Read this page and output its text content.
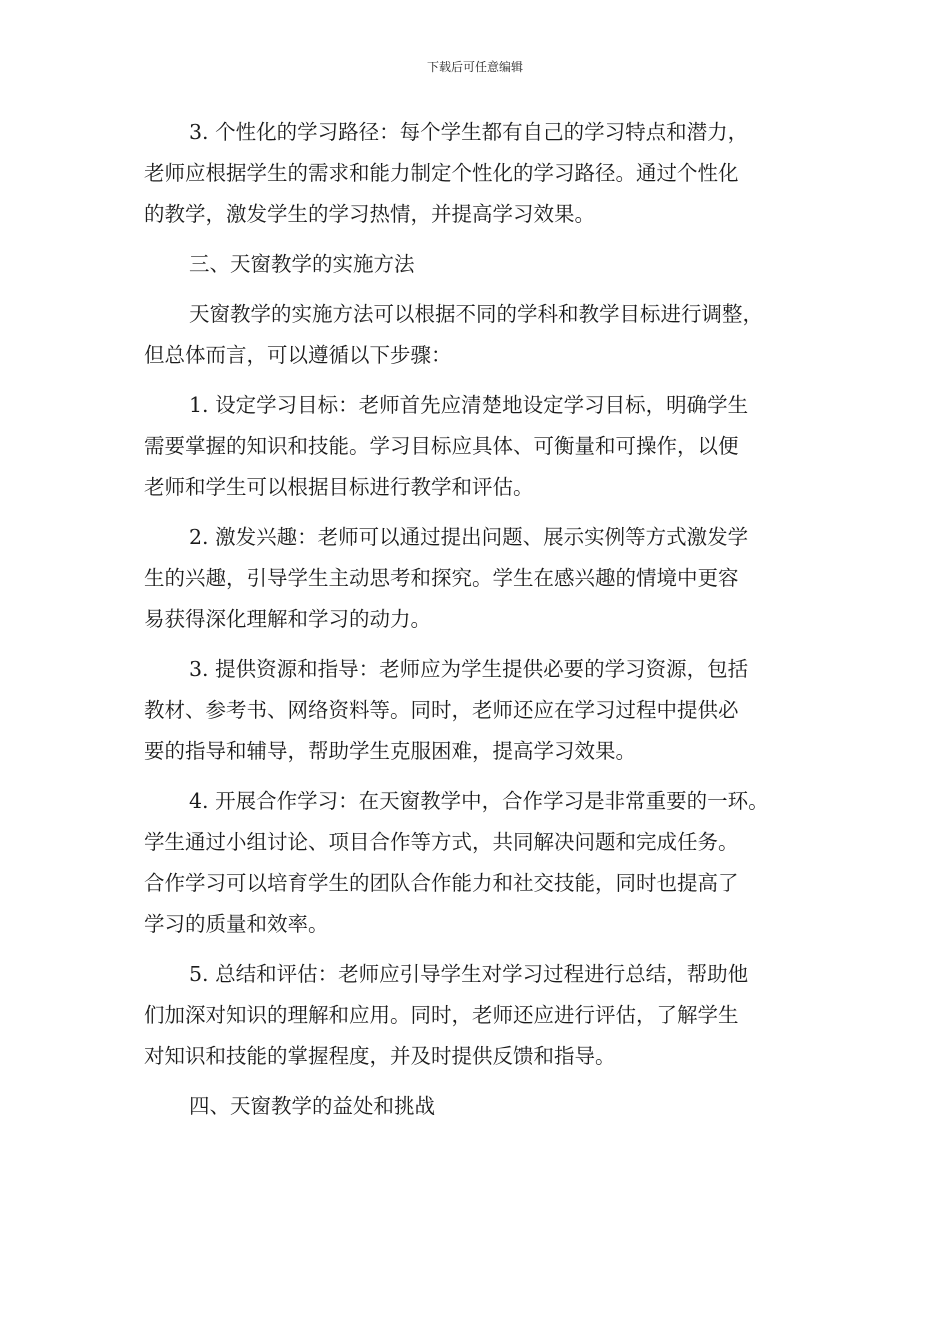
下载后可任意编辑
3. 个性化的学习路径：每个学生都有自己的学习特点和潜力，
老师应根据学生的需求和能力制定个性化的学习路径。通过个性化
的教学，激发学生的学习热情，并提高学习效果。
三、天窗教学的实施方法
天窗教学的实施方法可以根据不同的学科和教学目标进行调整，
但总体而言，可以遵循以下步骤：
1. 设定学习目标：老师首先应清楚地设定学习目标，明确学生
需要掌握的知识和技能。学习目标应具体、可衡量和可操作，以便
老师和学生可以根据目标进行教学和评估。
2. 激发兴趣：老师可以通过提出问题、展示实例等方式激发学
生的兴趣，引导学生主动思考和探究。学生在感兴趣的情境中更容
易获得深化理解和学习的动力。
3. 提供资源和指导：老师应为学生提供必要的学习资源，包括
教材、参考书、网络资料等。同时，老师还应在学习过程中提供必
要的指导和辅导，帮助学生克服困难，提高学习效果。
4. 开展合作学习：在天窗教学中，合作学习是非常重要的一环。
学生通过小组讨论、项目合作等方式，共同解决问题和完成任务。
合作学习可以培育学生的团队合作能力和社交技能，同时也提高了
学习的质量和效率。
5. 总结和评估：老师应引导学生对学习过程进行总结，帮助他
们加深对知识的理解和应用。同时，老师还应进行评估，了解学生
对知识和技能的掌握程度，并及时提供反馈和指导。
四、天窗教学的益处和挑战
